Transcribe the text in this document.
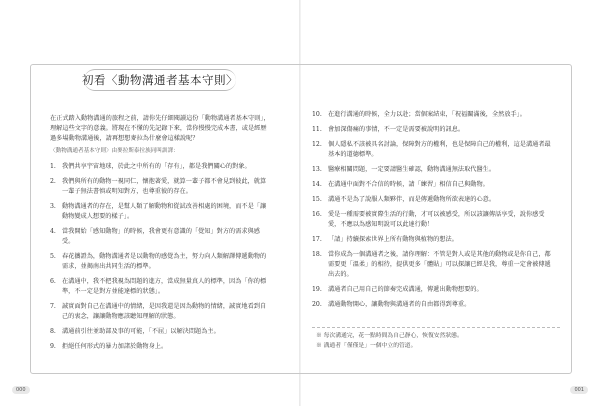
初看〈動物溝通者基本守則〉

在正式踏入動物溝通的旅程之前，請你先仔細閱讀這份「動物溝通者基本守則」，理解這些文字的意義。將現在不懂的先記錄下來，當你慢慢完成本書，或是經歷過多場動物溝通後，請再想想麥拉為什麼會這樣說呢？

〈動物溝通者基本守則〉由麥拉斯泰拉族同叫訓譯：

1. 我們共享宇宙地球，於此之中所有的「存有」，都是我們關心的對象。
2. 我們與所有的動物一視同仁，懷抱著愛，就算一輩子都不會見到彼此，就算一輩子無法書慎或明知對方，也尊重彼的存在。
3. 動物溝通者的存在，是幫人類了解動物和從試改善相處的困境，而不是「讓動物變成人想要的樣子」。
4. 當我開始「感知動物」的時候，我會更有意識的「覺知」對方的需求與感受。
5. 春花攜證為，動物溝通者是以動物的感覺為主，努力向人類解譯傳遞動物的需求，並揭南出共同生活的標準。
6. 在溝通中，我不把我視為問題的進方，當成無量真人的標準，因為「你的標準，不一定是對方並能達標的狀態」。
7. 誠實面對自己在溝通中的情緒，是因我還是因為動物的情緒，誠實地看到自己的衷念，讓讓動物應該聽知理解的狀態。
8. 溝通前引往並助部及事的可能，「不屈」以解決問題為主。
9. 拒絕任何形式的暴力加諸於動物身上。
10. 在進行溝通的時候，全力以赴；當個案結束，「祝福關滿後，全然放手」。
11. 會加深傷痛的事情，不一定是需要被說明的訊息。
12. 個人隱私不該被具名討論，保障對方的權利，也是保障自己的權利，這是溝通者最基本的道德標準。
13. 醫療相關問題，一定要請醫生確認，動物溝通無法取代醫生。
14. 在溝通中面對不合信的時候，請「練習」相信自己與動物。
15. 溝通不是為了說服人類夥伴，而是傳遞動物所欲表達的心意。
16. 愛是一種需要被實際生活的行動，才可以被感受，所以該讓傳話享受，說你感受愛，不應以為感知明說可以此達行動！
17. 「請」持續探索世界上所有動物與植物的想法。
18. 當你成為一個溝通者之後，請你理解：不管是對人或是其他的動物或是你自己，都需要更「溫柔」的相待，提供更多「體貼」可以探讓已經是我，尊重一定會被傳遞出去的。
19. 溝通者自己用自己的節奏完成溝通，傳遞出動物想要的。
20. 溝通動物開心，讓動物與溝通者的自由都得到尊重。

※ 每次溝通完，花一點時間為自己靜心，恢復安然狀態。

※ 溝通者「僅僅是」一個中立的管道。

000	001
